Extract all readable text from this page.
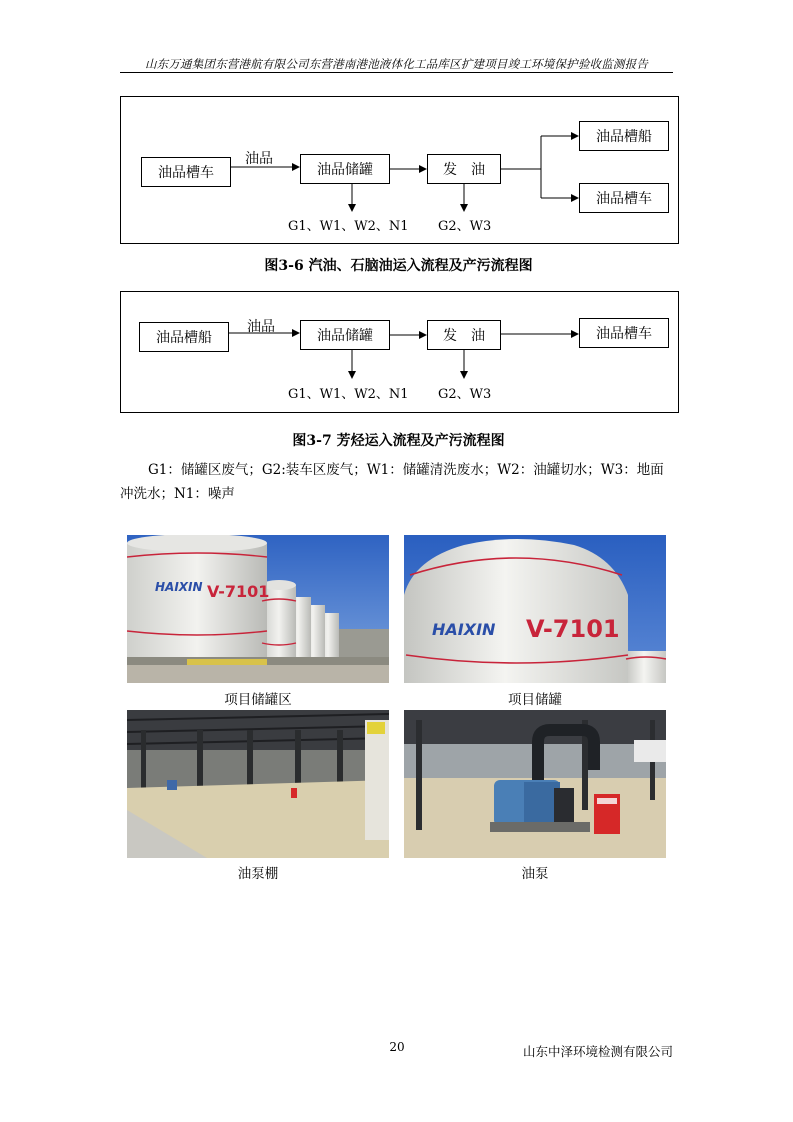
山东万通集团东营港航有限公司东营港南港池液体化工品库区扩建项目竣工环境保护验收监测报告
油品槽车
油品
油品储罐	发　油
油品槽船
油品槽车
G1、W1、W2、N1 G2、W3
图3-6 汽油、石脑油运入流程及产污流程图
油品槽船
油品
油品储罐	发　油	油品槽车
G1、W1、W2、N1 G2、W3
图3-7 芳烃运入流程及产污流程图
G1：储罐区废气；G2:装车区废气；W1：储罐清洗废水；W2：油罐切水；W3：地面冲洗水；N1：噪声
HAIXIN V-7101
项目储罐区
HAIXIN V-7101
项目储罐
油泵棚	油泵
20	山东中泽环境检测有限公司
